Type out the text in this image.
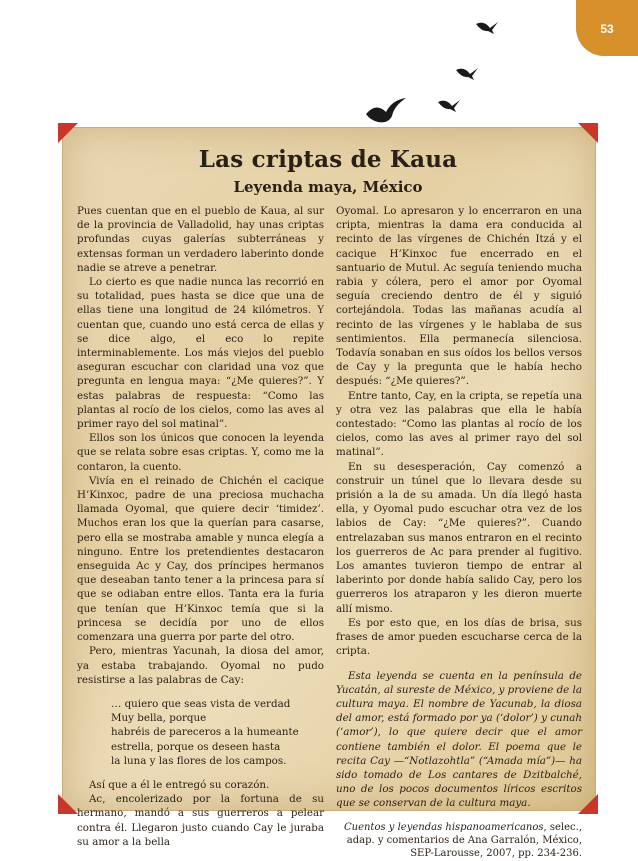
53
Las criptas de Kaua
Leyenda maya, México

Pues cuentan que en el pueblo de Kaua, al sur de la provincia de Valladolid, hay unas criptas profundas cuyas galerías subterráneas y extensas forman un verdadero laberinto donde nadie se atreve a penetrar.

Lo cierto es que nadie nunca las recorrió en su totalidad, pues hasta se dice que una de ellas tiene una longitud de 24 kilómetros. Y cuentan que, cuando uno está cerca de ellas y se dice algo, el eco lo repite interminablemente. Los más viejos del pueblo aseguran escuchar con claridad una voz que pregunta en lengua maya: “¿Me quieres?”. Y estas palabras de respuesta: “Como las plantas al rocío de los cielos, como las aves al primer rayo del sol matinal”.

Ellos son los únicos que conocen la leyenda que se relata sobre esas criptas. Y, como me la contaron, la cuento.

Vivía en el reinado de Chichén el cacique H’Kinxoc, padre de una preciosa muchacha llamada Oyomal, que quiere decir ‘timidez’. Muchos eran los que la querían para casarse, pero ella se mostraba amable y nunca elegía a ninguno. Entre los pretendientes destacaron enseguida Ac y Cay, dos príncipes hermanos que deseaban tanto tener a la princesa para sí que se odiaban entre ellos. Tanta era la furia que tenían que H’Kinxoc temía que si la princesa se decidía por uno de ellos comenzara una guerra por parte del otro.

Pero, mientras Yacunah, la diosa del amor, ya estaba trabajando. Oyomal no pudo resistirse a las palabras de Cay:

… quiero que seas vista de verdad
Muy bella, porque
habréis de pareceros a la humeante
estrella, porque os deseen hasta
la luna y las flores de los campos.

Así que a él le entregó su corazón.

Ac, encolerizado por la fortuna de su hermano, mandó a sus guerreros a pelear contra él. Llegaron justo cuando Cay le juraba su amor a la bella

Oyomal. Lo apresaron y lo encerraron en una cripta, mientras la dama era conducida al recinto de las vírgenes de Chichén Itzá y el cacique H’Kinxoc fue encerrado en el santuario de Mutul. Ac seguía teniendo mucha rabia y cólera, pero el amor por Oyomal seguía creciendo dentro de él y siguió cortejándola. Todas las mañanas acudía al recinto de las vírgenes y le hablaba de sus sentimientos. Ella permanecía silenciosa. Todavía sonaban en sus oídos los bellos versos de Cay y la pregunta que le había hecho después: “¿Me quieres?”.

Entre tanto, Cay, en la cripta, se repetía una y otra vez las palabras que ella le había contestado: “Como las plantas al rocío de los cielos, como las aves al primer rayo del sol matinal”.

En su desesperación, Cay comenzó a construir un túnel que lo llevara desde su prisión a la de su amada. Un día llegó hasta ella, y Oyomal pudo escuchar otra vez de los labios de Cay: “¿Me quieres?”. Cuando entrelazaban sus manos entraron en el recinto los guerreros de Ac para prender al fugitivo. Los amantes tuvieron tiempo de entrar al laberinto por donde había salido Cay, pero los guerreros los atraparon y les dieron muerte allí mismo.

Es por esto que, en los días de brisa, sus frases de amor pueden escucharse cerca de la cripta.

Esta leyenda se cuenta en la península de Yucatán, al sureste de México, y proviene de la cultura maya. El nombre de Yacunab, la diosa del amor, está formado por ya (‘dolor’) y cunah (‘amor’), lo que quiere decir que el amor contiene también el dolor. El poema que le recita Cay —“Notlazohtla” (“Amada mía”)— ha sido tomado de Los cantares de Dzitbalché, uno de los pocos documentos líricos escritos que se conservan de la cultura maya.

Cuentos y leyendas hispanoamericanos, selec., adap. y comentarios de Ana Garralón, México, SEP-Larousse, 2007, pp. 234-236.
